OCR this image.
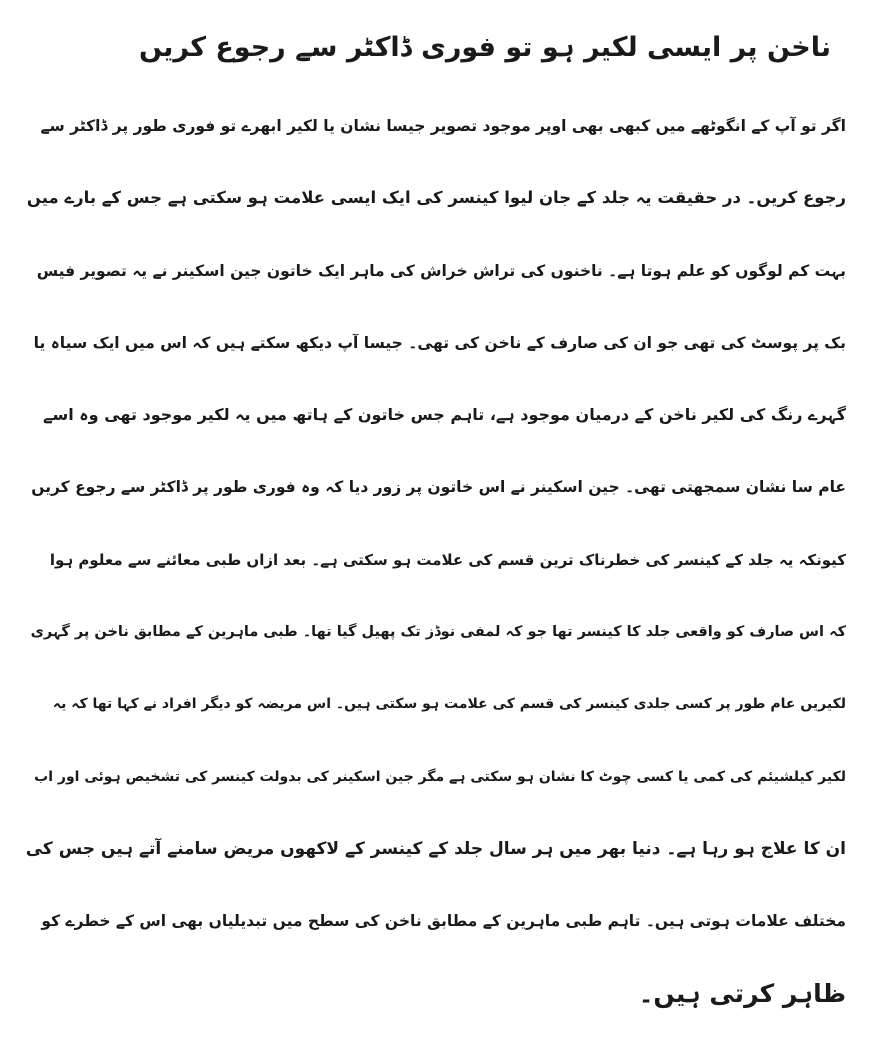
ناخن پر ایسی لکیر ہو تو فوری ڈاکٹر سے رجوع کریں
اگر تو آپ کے انگوٹھے میں کبھی بھی اوپر موجود تصویر جیسا نشان یا لکیر ابھرے تو فوری طور پر ڈاکٹر سے
رجوع کریں۔ در حقیقت یہ جلد کے جان لیوا کینسر کی ایک ایسی علامت ہو سکتی ہے جس کے بارے میں
بہت کم لوگوں کو علم ہوتا ہے۔ ناخنوں کی تراش خراش کی ماہر ایک خاتون جین اسکینر نے یہ تصویر فیس
بک پر پوسٹ کی تھی جو ان کی صارف کے ناخن کی تھی۔ جیسا آپ دیکھ سکتے ہیں کہ اس میں ایک سیاہ یا
گہرے رنگ کی لکیر ناخن کے درمیان موجود ہے، تاہم جس خاتون کے ہاتھ میں یہ لکیر موجود تھی وہ اسے
عام سا نشان سمجھتی تھی۔ جین اسکینر نے اس خاتون پر زور دیا کہ وہ فوری طور پر ڈاکٹر سے رجوع کریں
کیونکہ یہ جلد کے کینسر کی خطرناک ترین قسم کی علامت ہو سکتی ہے۔ بعد ازاں طبی معائنے سے معلوم ہوا
کہ اس صارف کو واقعی جلد کا کینسر تھا جو کہ لمفی نوڈز تک پھیل گیا تھا۔ طبی ماہرین کے مطابق ناخن پر گہری
لکیریں عام طور پر کسی جلدی کینسر کی قسم کی علامت ہو سکتی ہیں۔ اس مریضہ کو دیگر افراد نے کہا تھا کہ یہ
لکیر کیلشیئم کی کمی یا کسی چوٹ کا نشان ہو سکتی ہے مگر جین اسکینر کی بدولت کینسر کی تشخیص ہوئی اور اب
ان کا علاج ہو رہا ہے۔ دنیا بھر میں ہر سال جلد کے کینسر کے لاکھوں مریض سامنے آتے ہیں جس کی
مختلف علامات ہوتی ہیں۔ تاہم طبی ماہرین کے مطابق ناخن کی سطح میں تبدیلیاں بھی اس کے خطرے کو
ظاہر کرتی ہیں۔
